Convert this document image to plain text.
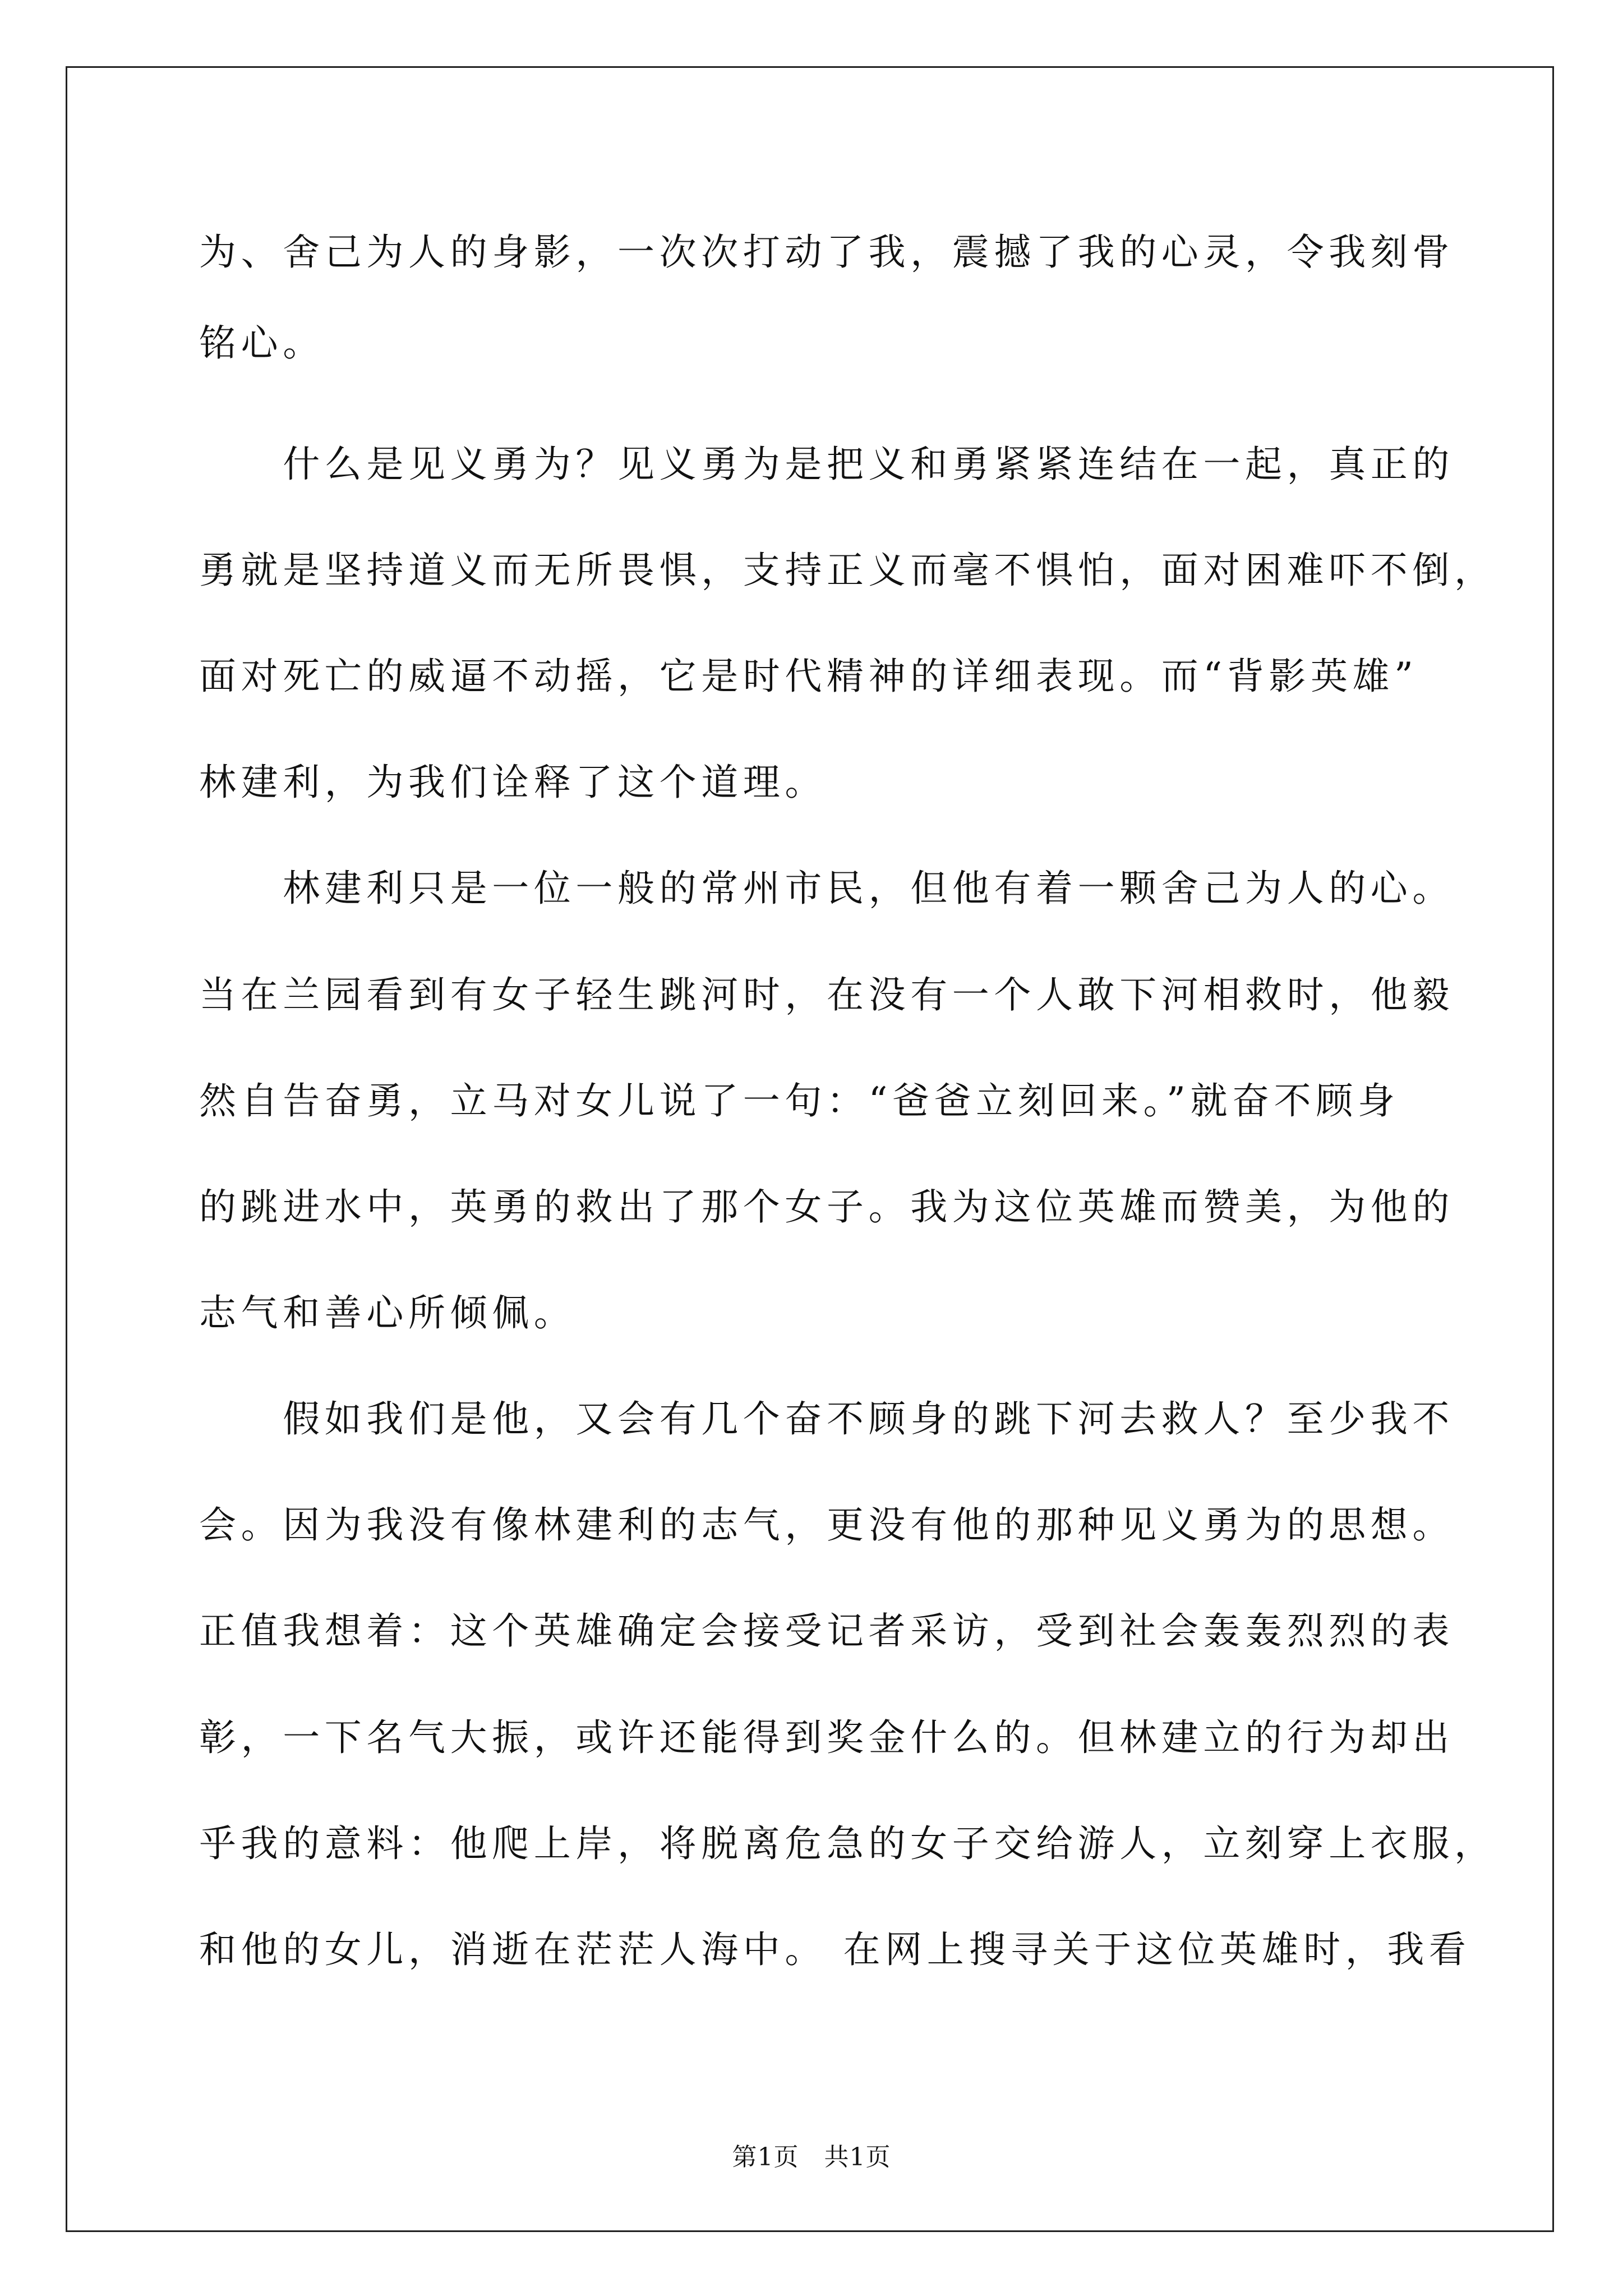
为、舍己为人的身影，一次次打动了我，震撼了我的心灵，令我刻骨
铭心。
　　什么是见义勇为？见义勇为是把义和勇紧紧连结在一起，真正的
勇就是坚持道义而无所畏惧，支持正义而毫不惧怕，面对困难吓不倒，
面对死亡的威逼不动摇，它是时代精神的详细表现。而“背影英雄”
林建利，为我们诠释了这个道理。
　　林建利只是一位一般的常州市民，但他有着一颗舍己为人的心。
当在兰园看到有女子轻生跳河时，在没有一个人敢下河相救时，他毅
然自告奋勇，立马对女儿说了一句：“爸爸立刻回来。”就奋不顾身
的跳进水中，英勇的救出了那个女子。我为这位英雄而赞美，为他的
志气和善心所倾佩。
　　假如我们是他，又会有几个奋不顾身的跳下河去救人？至少我不
会。因为我没有像林建利的志气，更没有他的那种见义勇为的思想。
正值我想着：这个英雄确定会接受记者采访，受到社会轰轰烈烈的表
彰，一下名气大振，或许还能得到奖金什么的。但林建立的行为却出
乎我的意料：他爬上岸，将脱离危急的女子交给游人，立刻穿上衣服，
和他的女儿，消逝在茫茫人海中。 在网上搜寻关于这位英雄时，我看
第1页　共1页
